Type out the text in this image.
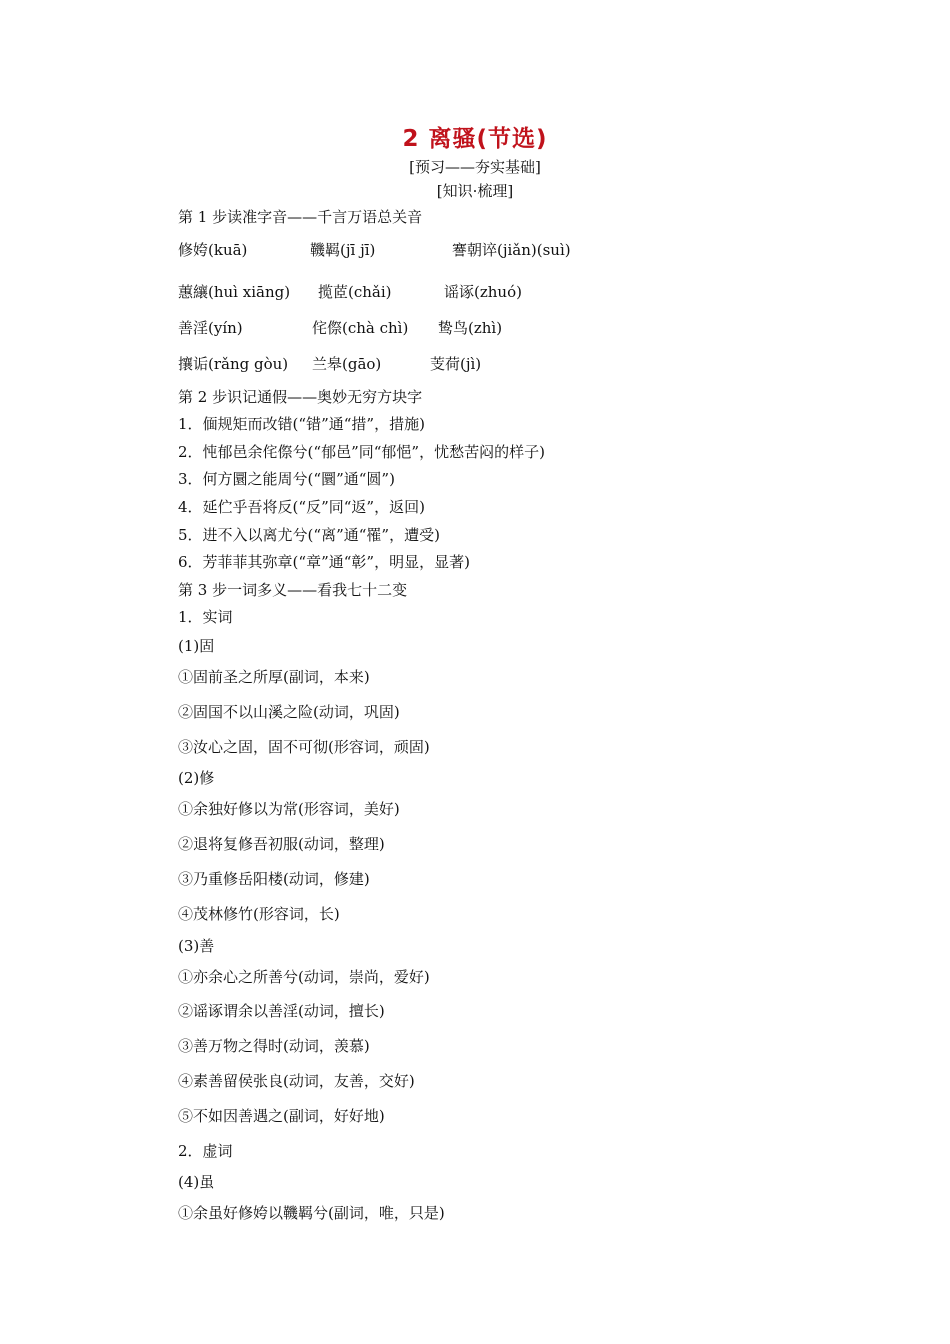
2 离骚(节选)
[预习——夯实基础]
[知识·梳理]
第 1 步读准字音——千言万语总关音
修姱(kuā)	鞿羁(jī jī)	謇朝谇(jiǎn)(suì)
蕙纕(huì xiāng) 揽茝(chǎi)	谣诼(zhuó)
善淫(yín)	侘傺(chà chì) 鸷鸟(zhì)
攘诟(rǎng gòu) 兰皋(gāo)	芰荷(jì)
第 2 步识记通假——奥妙无穷方块字
1．偭规矩而改错(“错”通“措”，措施)
2．忳郁邑余侘傺兮(“郁邑”同“郁悒”，忧愁苦闷的样子)
3．何方圜之能周兮(“圜”通“圆”)
4．延伫乎吾将反(“反”同“返”，返回)
5．进不入以离尤兮(“离”通“罹”，遭受)
6．芳菲菲其弥章(“章”通“彰”，明显，显著)
第 3 步一词多义——看我七十二变
1．实词
(1)固
①固前圣之所厚(副词，本来)
②固国不以山溪之险(动词，巩固)
③汝心之固，固不可彻(形容词，顽固)
(2)修
①余独好修以为常(形容词，美好)
②退将复修吾初服(动词，整理)
③乃重修岳阳楼(动词，修建)
④茂林修竹(形容词，长)
(3)善
①亦余心之所善兮(动词，崇尚，爱好)
②谣诼谓余以善淫(动词，擅长)
③善万物之得时(动词，羡慕)
④素善留侯张良(动词，友善，交好)
⑤不如因善遇之(副词，好好地)
2．虚词
(4)虽
①余虽好修姱以鞿羁兮(副词，唯，只是)
